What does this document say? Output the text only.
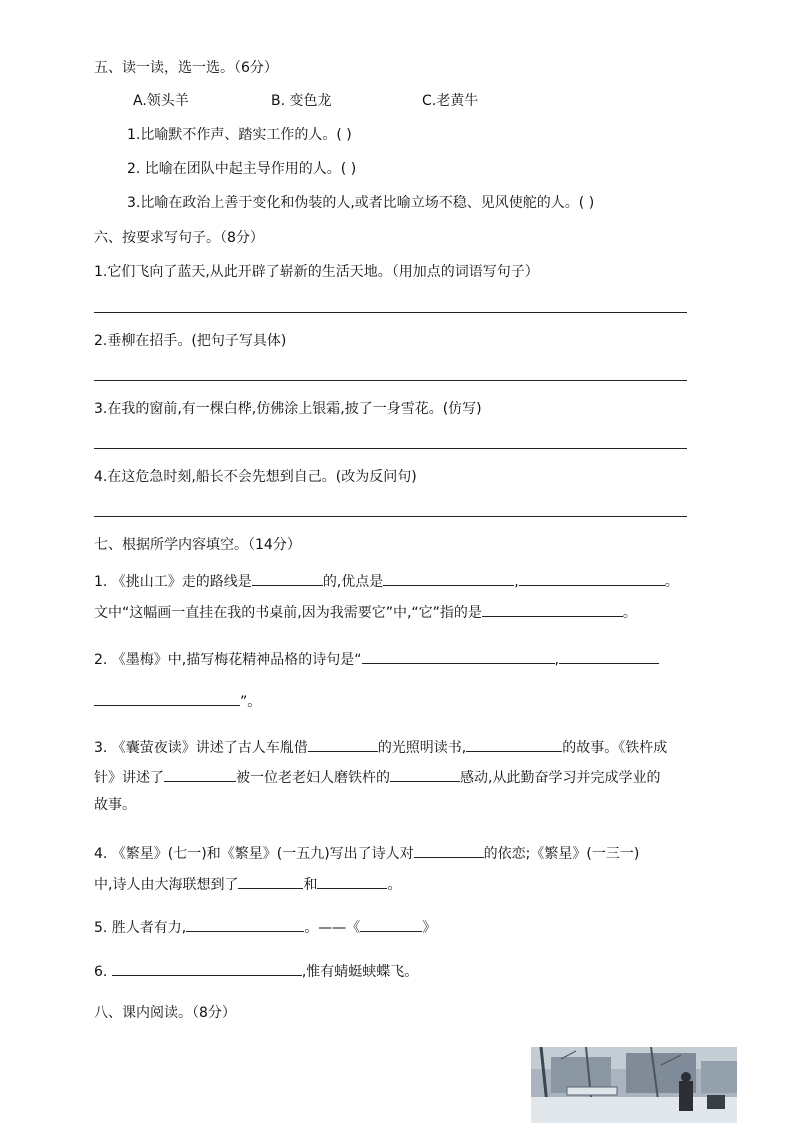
五、读一读，选一选。（6分）
A.领头羊	B. 变色龙	C.老黄牛
1.比喻默不作声、踏实工作的人。( )
2. 比喻在团队中起主导作用的人。( )
3.比喻在政治上善于变化和伪装的人,或者比喻立场不稳、见风使舵的人。( )
六、按要求写句子。（8分）
1.它们飞向了蓝天,从此开辟了崭新的生活天地。（用加点的词语写句子）
2.垂柳在招手。(把句子写具体)
3.在我的窗前,有一棵白桦,仿佛涂上银霜,披了一身雪花。(仿写)
4.在这危急时刻,船长不会先想到自己。(改为反问句)
七、根据所学内容填空。（14分）
1. 《挑山工》走的路线是	的,优点是	,	。
文中“这幅画一直挂在我的书桌前,因为我需要它”中,“它”指的是	。
2. 《墨梅》中,描写梅花精神品格的诗句是“	,
”。
3. 《囊萤夜读》讲述了古人车胤借	的光照明读书,	的故事。《铁杵成
针》讲述了	被一位老老妇人磨铁杵的	感动,从此勤奋学习并完成学业的
故事。
4. 《繁星》(七一)和《繁星》(一五九)写出了诗人对	的依恋;《繁星》(一三一)
中,诗人由大海联想到了	和	。
5. 胜人者有力,	。——《	》
6.	,惟有蜻蜓蛱蝶飞。
八、课内阅读。（8分）
